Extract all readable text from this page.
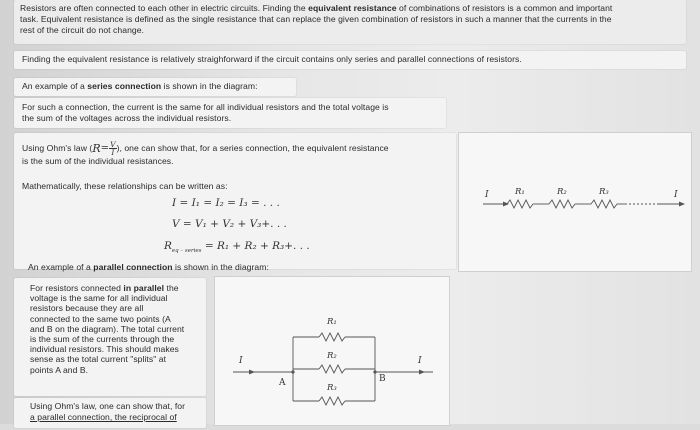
Resistors are often connected to each other in electric circuits. Finding the equivalent resistance of combinations of resistors is a common and important
task. Equivalent resistance is defined as the single resistance that can replace the given combination of resistors in such a manner that the currents in the
rest of the circuit do not change.
Finding the equivalent resistance is relatively straighforward if the circuit contains only series and parallel connections of resistors.
An example of a series connection is shown in the diagram:
For such a connection, the current is the same for all individual resistors and the total voltage is
the sum of the voltages across the individual resistors.
Using Ohm's law ( $R = \frac{V}{I}$ ), one can show that, for a series connection, the equivalent resistance
is the sum of the individual resistances.
Mathematically, these relationships can be written as:
I = I₁ = I₂ = I₃ = . . .
V = V₁ + V₂ + V₃+. . .
$R_{eq - series} = R_1 + R_2 + R_3+$. . .
An example of a parallel connection is shown in the diagram:
For resistors connected in parallel the
voltage is the same for all individual
resistors because they are all
connected to the same two points (A
and B on the diagram). The total current
is the sum of the currents through the
individual resistors. This should makes
sense as the total current "splits" at
points A and B.
Using Ohm's law, one can show that, for
a parallel connection, the reciprocal of
I	I
R₁	R₂	R₃
I	I
A	B
R₁
R₂
R₃
